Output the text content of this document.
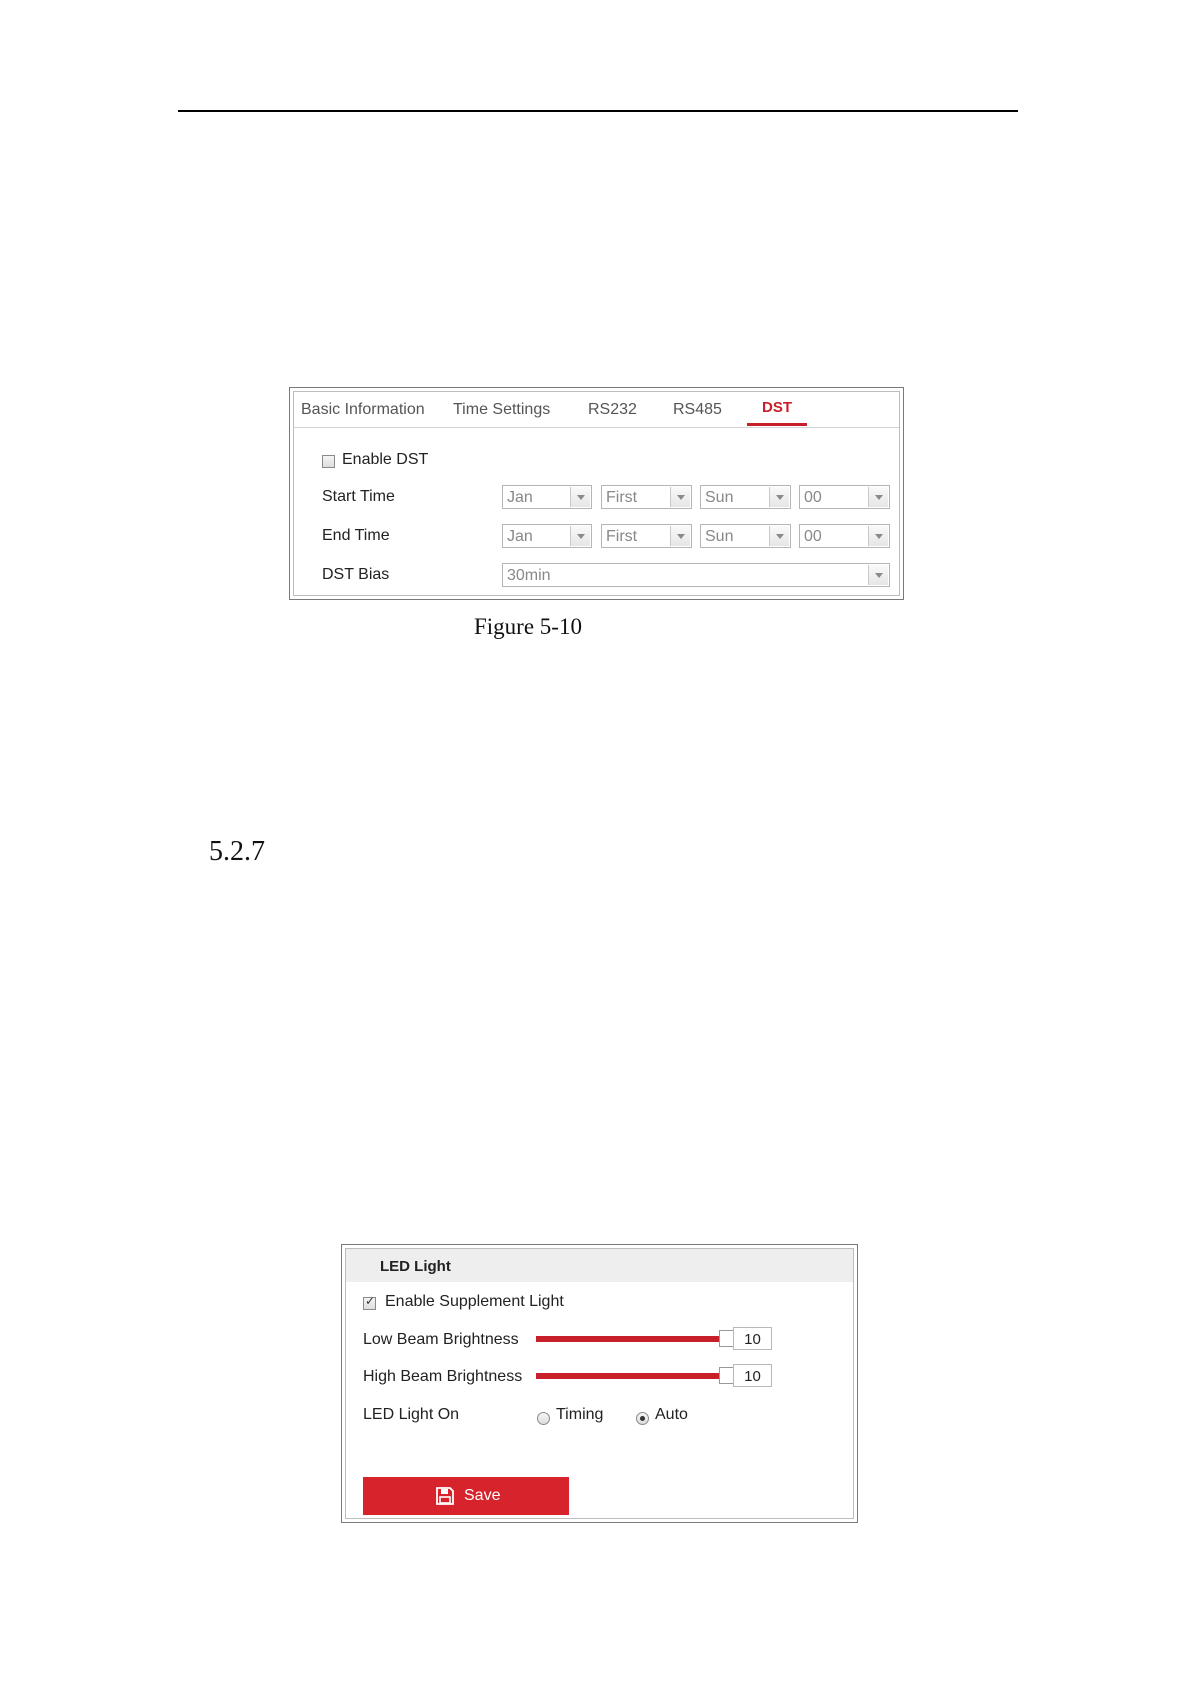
Basic Information Time Settings RS232 RS485	DST
Enable DST
Start Time	Jan	First	Sun	00
End Time	Jan	First	Sun	00
DST Bias	30min
Figure 5-10
5.2.7
LED Light
✓ Enable Supplement Light
Low Beam Brightness	10
High Beam Brightness	10
LED Light On	Timing	Auto
Save
